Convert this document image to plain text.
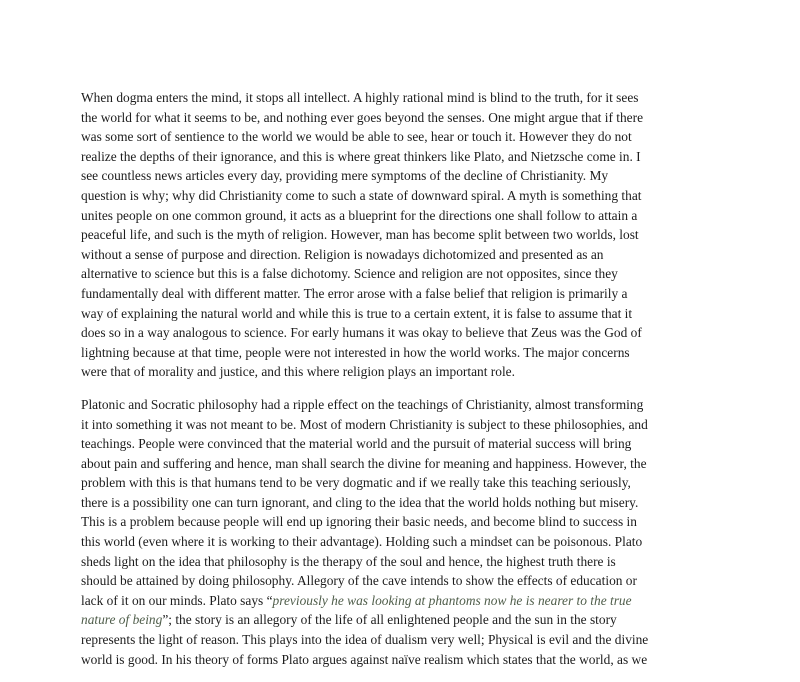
When dogma enters the mind, it stops all intellect. A highly rational mind is blind to the truth, for it sees
the world for what it seems to be, and nothing ever goes beyond the senses. One might argue that if there
was some sort of sentience to the world we would be able to see, hear or touch it. However they do not
realize the depths of their ignorance, and this is where great thinkers like Plato, and Nietzsche come in. I
see countless news articles every day, providing mere symptoms of the decline of Christianity. My
question is why; why did Christianity come to such a state of downward spiral. A myth is something that
unites people on one common ground, it acts as a blueprint for the directions one shall follow to attain a
peaceful life, and such is the myth of religion. However, man has become split between two worlds, lost
without a sense of purpose and direction. Religion is nowadays dichotomized and presented as an
alternative to science but this is a false dichotomy. Science and religion are not opposites, since they
fundamentally deal with different matter. The error arose with a false belief that religion is primarily a
way of explaining the natural world and while this is true to a certain extent, it is false to assume that it
does so in a way analogous to science. For early humans it was okay to believe that Zeus was the God of
lightning because at that time, people were not interested in how the world works. The major concerns
were that of morality and justice, and this where religion plays an important role.
Platonic and Socratic philosophy had a ripple effect on the teachings of Christianity, almost transforming
it into something it was not meant to be. Most of modern Christianity is subject to these philosophies, and
teachings. People were convinced that the material world and the pursuit of material success will bring
about pain and suffering and hence, man shall search the divine for meaning and happiness. However, the
problem with this is that humans tend to be very dogmatic and if we really take this teaching seriously,
there is a possibility one can turn ignorant, and cling to the idea that the world holds nothing but misery.
This is a problem because people will end up ignoring their basic needs, and become blind to success in
this world (even where it is working to their advantage). Holding such a mindset can be poisonous. Plato
sheds light on the idea that philosophy is the therapy of the soul and hence, the highest truth there is
should be attained by doing philosophy. Allegory of the cave intends to show the effects of education or
lack of it on our minds. Plato says “previously he was looking at phantoms now he is nearer to the true
nature of being”; the story is an allegory of the life of all enlightened people and the sun in the story
represents the light of reason. This plays into the idea of dualism very well; Physical is evil and the divine
world is good. In his theory of forms Plato argues against naïve realism which states that the world, as we
